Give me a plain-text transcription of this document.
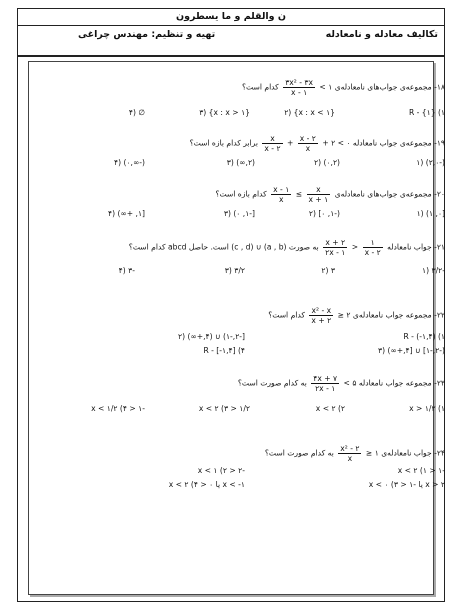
ن والقلم و ما یسطرون
تکالیف معادله و نامعادله
تهیه و تنظیم: مهندس چراغی
۱۸- مجموعه‌ی جواب‌های نامعادله‌ی ۱ >
$\frac{\text{۳x² - ۳x}}{x - ۱}$
کدام است؟
R - {۱} (۱
{x : x < ۱} (۲
{x : x > ۱} (۳
∅ (۴
۱۹- مجموعه‌ی جواب نامعادله ۰ > ۲ +
$\frac{x - ۲}{x}$
+
$\frac{x}{x - ۲}$
برابر کدام بازه است؟
(-۲,۰) (۱
(۰,۲) (۲
(۲,∞) (۳
(-∞,۰) (۴
۲۰- مجموعه‌ی جواب‌های نامعادله‌ی
$\frac{x}{x + ۱}$
≥
$\frac{x - ۱}{x}$
کدام بازه است؟
[۰, ۱) (۱
(-۱, ۰] (۲
[-۱, ۰) (۳
[۱, +∞) (۴
۲۱- جواب نامعادله
$\frac{۱}{x - ۲}$
<
$\frac{x + ۲}{۲x - ۱}$
به صورت (a , b) ∪ (c , d) است. حاصل abcd کدام است؟
-۳/۲ (۱
۳ (۲
۳/۲ (۳
-۳ (۴
۲۲- مجموعه جواب نامعادله‌ی ۲ ≤
$\frac{\text{x² - x}}{x + ۲}$
کدام است؟
R - (-۱,۴) (۱
[-۲,-۱) ∪ (۴,+∞) (۲
(-۲,-۱] ∪ [۴,+∞) (۳
R - [-۱,۴] (۴
۲۳- مجموعه جواب نامعادله ۵ >
$\frac{۴x + ۷}{۲x - ۱}$
به کدام صورت است؟
x > ۱/۲ (۱
x < ۲ (۲
۱/۲ < x < ۲ (۳
-۱ < x < ۱/۲ (۴
۲۴- جواب نامعادله‌ی ۱ ≤
$\frac{\text{x² - ۲}}{x}$
به کدام صورت است؟
-۱ < x < ۲ (۱
-۲ < x < ۱ (۲
x > ۲ یا -۱ < x < ۰ (۳
x < -۱ یا ۰ < x < ۲ (۴
